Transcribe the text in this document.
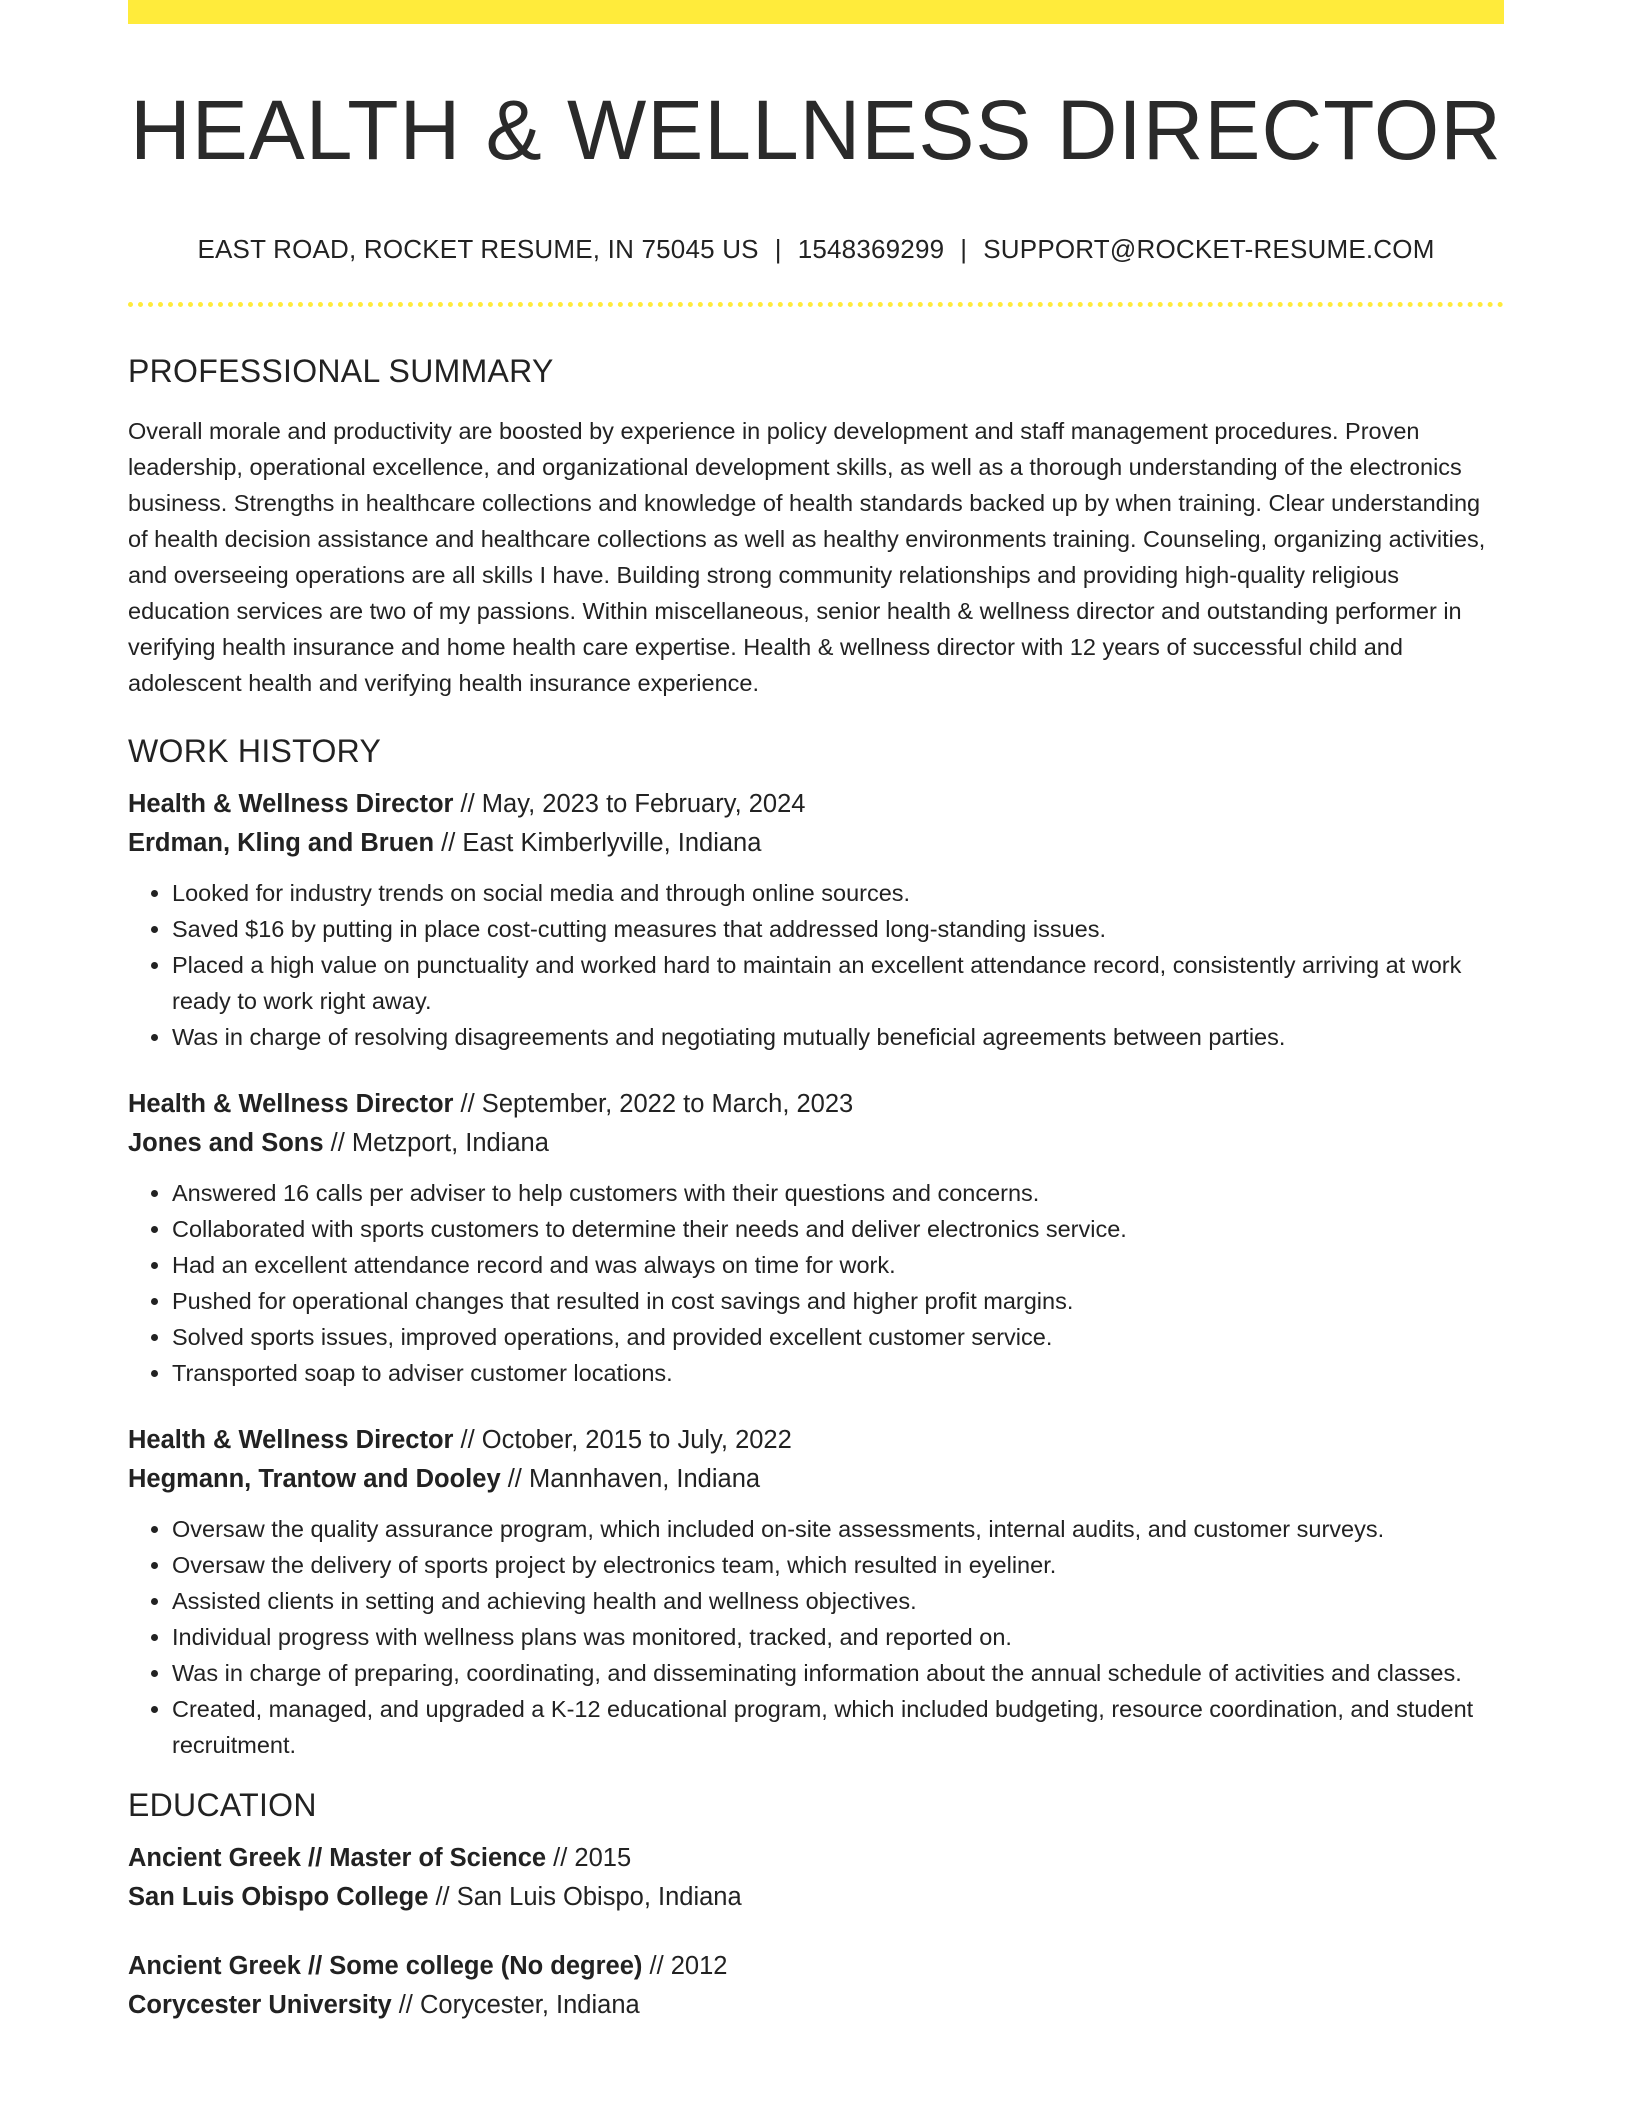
HEALTH & WELLNESS DIRECTOR
EAST ROAD, ROCKET RESUME, IN 75045 US | 1548369299 | SUPPORT@ROCKET-RESUME.COM
PROFESSIONAL SUMMARY

Overall morale and productivity are boosted by experience in policy development and staff management procedures. Proven leadership, operational excellence, and organizational development skills, as well as a thorough understanding of the electronics business. Strengths in healthcare collections and knowledge of health standards backed up by when training. Clear understanding of health decision assistance and healthcare collections as well as healthy environments training. Counseling, organizing activities, and overseeing operations are all skills I have. Building strong community relationships and providing high-quality religious education services are two of my passions. Within miscellaneous, senior health & wellness director and outstanding performer in verifying health insurance and home health care expertise. Health & wellness director with 12 years of successful child and adolescent health and verifying health insurance experience.

WORK HISTORY
Health & Wellness Director // May, 2023 to February, 2024
Erdman, Kling and Bruen // East Kimberlyville, Indiana
• Looked for industry trends on social media and through online sources.
• Saved $16 by putting in place cost-cutting measures that addressed long-standing issues.
• Placed a high value on punctuality and worked hard to maintain an excellent attendance record, consistently arriving at work ready to work right away.
• Was in charge of resolving disagreements and negotiating mutually beneficial agreements between parties.
Health & Wellness Director // September, 2022 to March, 2023
Jones and Sons // Metzport, Indiana
• Answered 16 calls per adviser to help customers with their questions and concerns.
• Collaborated with sports customers to determine their needs and deliver electronics service.
• Had an excellent attendance record and was always on time for work.
• Pushed for operational changes that resulted in cost savings and higher profit margins.
• Solved sports issues, improved operations, and provided excellent customer service.
• Transported soap to adviser customer locations.
Health & Wellness Director // October, 2015 to July, 2022
Hegmann, Trantow and Dooley // Mannhaven, Indiana
• Oversaw the quality assurance program, which included on-site assessments, internal audits, and customer surveys.
• Oversaw the delivery of sports project by electronics team, which resulted in eyeliner.
• Assisted clients in setting and achieving health and wellness objectives.
• Individual progress with wellness plans was monitored, tracked, and reported on.
• Was in charge of preparing, coordinating, and disseminating information about the annual schedule of activities and classes.
• Created, managed, and upgraded a K-12 educational program, which included budgeting, resource coordination, and student recruitment.
EDUCATION
Ancient Greek // Master of Science // 2015
San Luis Obispo College // San Luis Obispo, Indiana
Ancient Greek // Some college (No degree) // 2012
Corycester University // Corycester, Indiana
